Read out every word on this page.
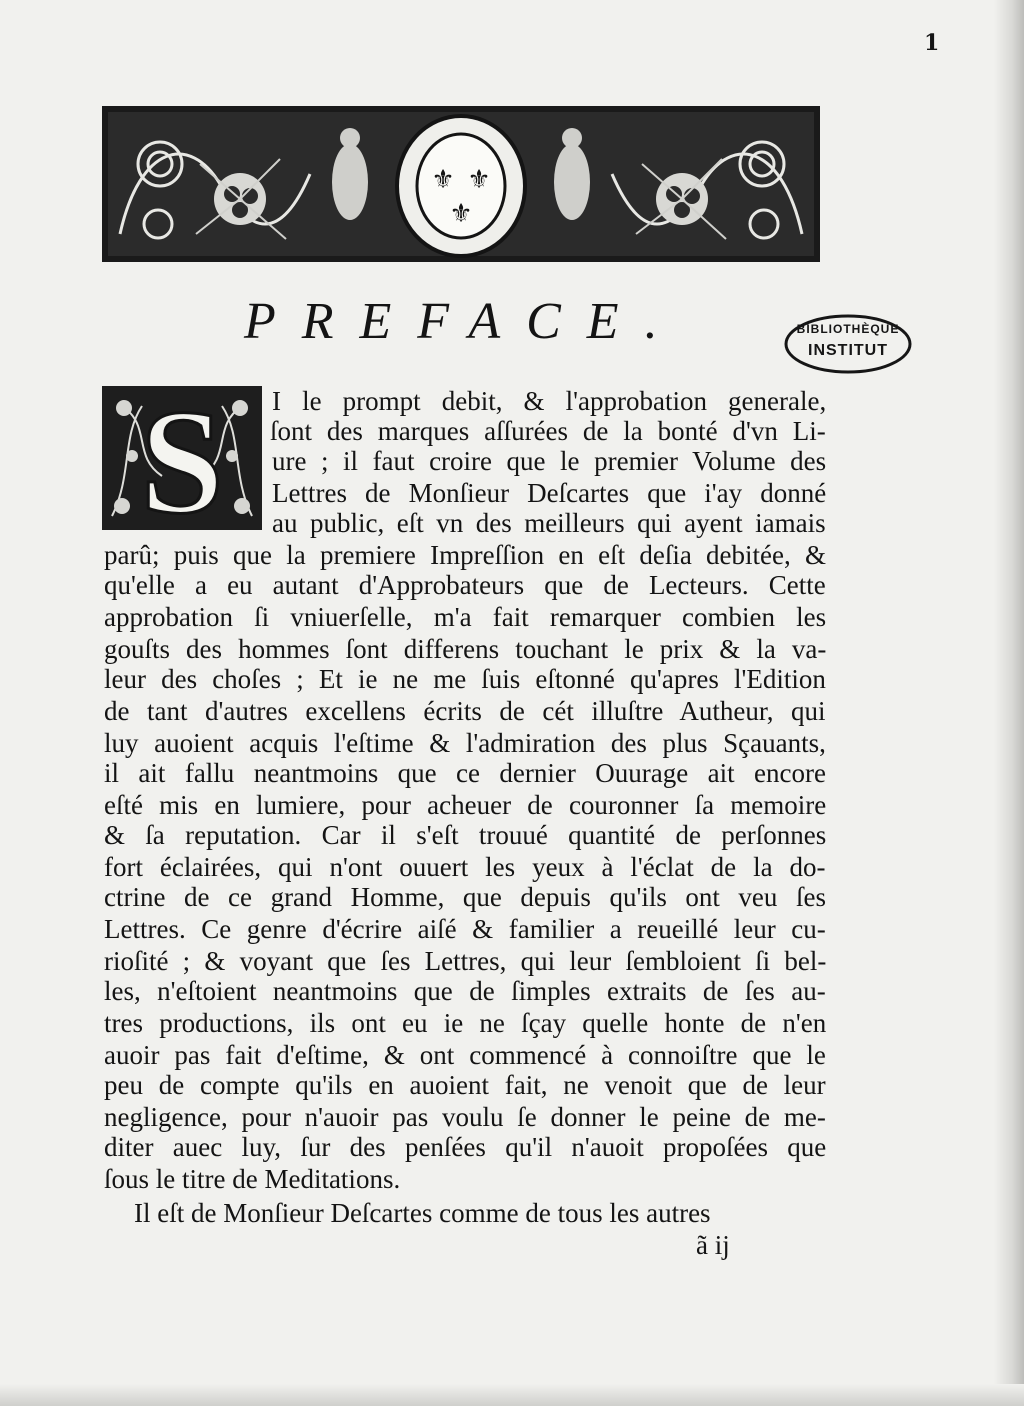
1
⚜ ⚜
⚜
PREFACE.	BIBLIOTHÈQUE
INSTITUT
S I le prompt debit, & l'approbation generale,
ſont des marques aſſurées de la bonté d'vn Li-
ure ; il faut croire que le premier Volume des
Lettres de Monſieur Deſcartes que i'ay donné
au public, eſt vn des meilleurs qui ayent iamais
parû; puis que la premiere Impreſſion en eſt deſia debitée, &
qu'elle a eu autant d'Approbateurs que de Lecteurs. Cette
approbation ſi vniuerſelle, m'a fait remarquer combien les
gouſts des hommes ſont differens touchant le prix & la va-
leur des choſes ; Et ie ne me ſuis eſtonné qu'apres l'Edition
de tant d'autres excellens écrits de cét illuſtre Autheur, qui
luy auoient acquis l'eſtime & l'admiration des plus Sçauants,
il ait fallu neantmoins que ce dernier Ouurage ait encore
eſté mis en lumiere, pour acheuer de couronner ſa memoire
& ſa reputation. Car il s'eſt trouué quantité de perſonnes
fort éclairées, qui n'ont ouuert les yeux à l'éclat de la do-
ctrine de ce grand Homme, que depuis qu'ils ont veu ſes
Lettres. Ce genre d'écrire aiſé & familier a reueillé leur cu-
rioſité ; & voyant que ſes Lettres, qui leur ſembloient ſi bel-
les, n'eſtoient neantmoins que de ſimples extraits de ſes au-
tres productions, ils ont eu ie ne ſçay quelle honte de n'en
auoir pas fait d'eſtime, & ont commencé à connoiſtre que le
peu de compte qu'ils en auoient fait, ne venoit que de leur
negligence, pour n'auoir pas voulu ſe donner le peine de me-
diter auec luy, ſur des penſées qu'il n'auoit propoſées que
ſous le titre de Meditations.
Il eſt de Monſieur Deſcartes comme de tous les autres
ã ij
